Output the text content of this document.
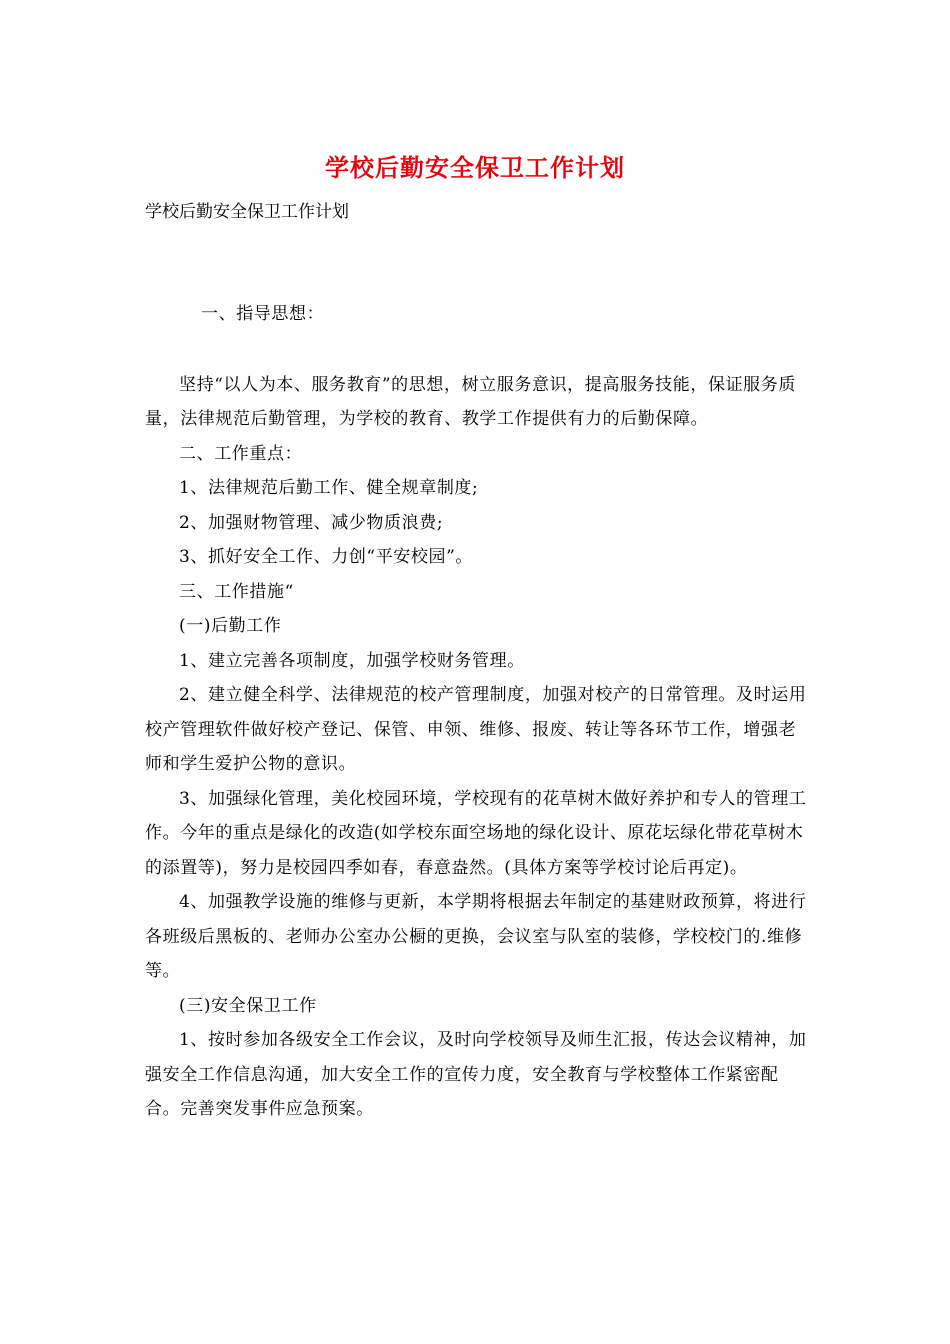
学校后勤安全保卫工作计划
学校后勤安全保卫工作计划

一、指导思想：

坚持“以人为本、服务教育”的思想，树立服务意识，提高服务技能，保证服务质量，法律规范后勤管理，为学校的教育、教学工作提供有力的后勤保障。

二、工作重点：

1、法律规范后勤工作、健全规章制度;

2、加强财物管理、减少物质浪费;

3、抓好安全工作、力创“平安校园”。

三、工作措施“

(一)后勤工作

1、建立完善各项制度，加强学校财务管理。

2、建立健全科学、法律规范的校产管理制度，加强对校产的日常管理。及时运用校产管理软件做好校产登记、保管、申领、维修、报废、转让等各环节工作，增强老师和学生爱护公物的意识。

3、加强绿化管理，美化校园环境，学校现有的花草树木做好养护和专人的管理工作。今年的重点是绿化的改造(如学校东面空场地的绿化设计、原花坛绿化带花草树木的添置等)，努力是校园四季如春，春意盎然。(具体方案等学校讨论后再定)。

4、加强教学设施的维修与更新，本学期将根据去年制定的基建财政预算，将进行各班级后黑板的、老师办公室办公橱的更换，会议室与队室的装修，学校校门的.维修等。

(三)安全保卫工作

1、按时参加各级安全工作会议，及时向学校领导及师生汇报，传达会议精神，加强安全工作信息沟通，加大安全工作的宣传力度，安全教育与学校整体工作紧密配合。完善突发事件应急预案。
